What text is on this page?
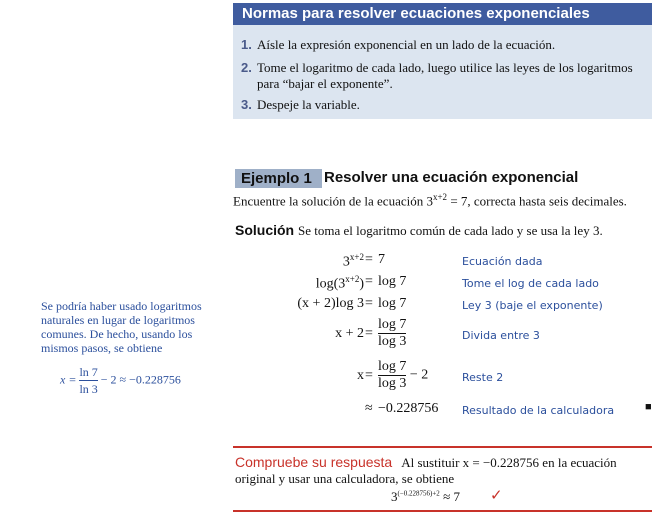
Normas para resolver ecuaciones exponenciales
1. Aísle la expresión exponencial en un lado de la ecuación.
2. Tome el logaritmo de cada lado, luego utilice las leyes de los logaritmos para “bajar el exponente”.
3. Despeje la variable.
Ejemplo 1 Resolver una ecuación exponencial
Encuentre la solución de la ecuación $3^{x+2} = 7$, correcta hasta seis decimales.
Solución Se toma el logaritmo común de cada lado y se usa la ley 3.
$3^{x+2} = 7$	Ecuación dada
$\log(3^{x+2}) = \log 7$	Tome el log de cada lado
(x + 2)log 3 = log 7	Ley 3 (baje el exponente)
$x + 2 = \frac{\log 7}{\log 3}$	Divida entre 3
$x = \frac{\log 7}{\log 3} - 2$	Reste 2
≈ −0.228756 Resultado de la calculadora	■
Compruebe su respuesta Al sustituir x = −0.228756 en la ecuación original y usar una calculadora, se obtiene
$3^{(-0.228756)+2} \approx 7$ ✓
Se podría haber usado logaritmos naturales en lugar de logaritmos comunes. De hecho, usando los mismos pasos, se obtiene
$x = \frac{\ln 7}{\ln 3} - 2 \approx -0.228756$
